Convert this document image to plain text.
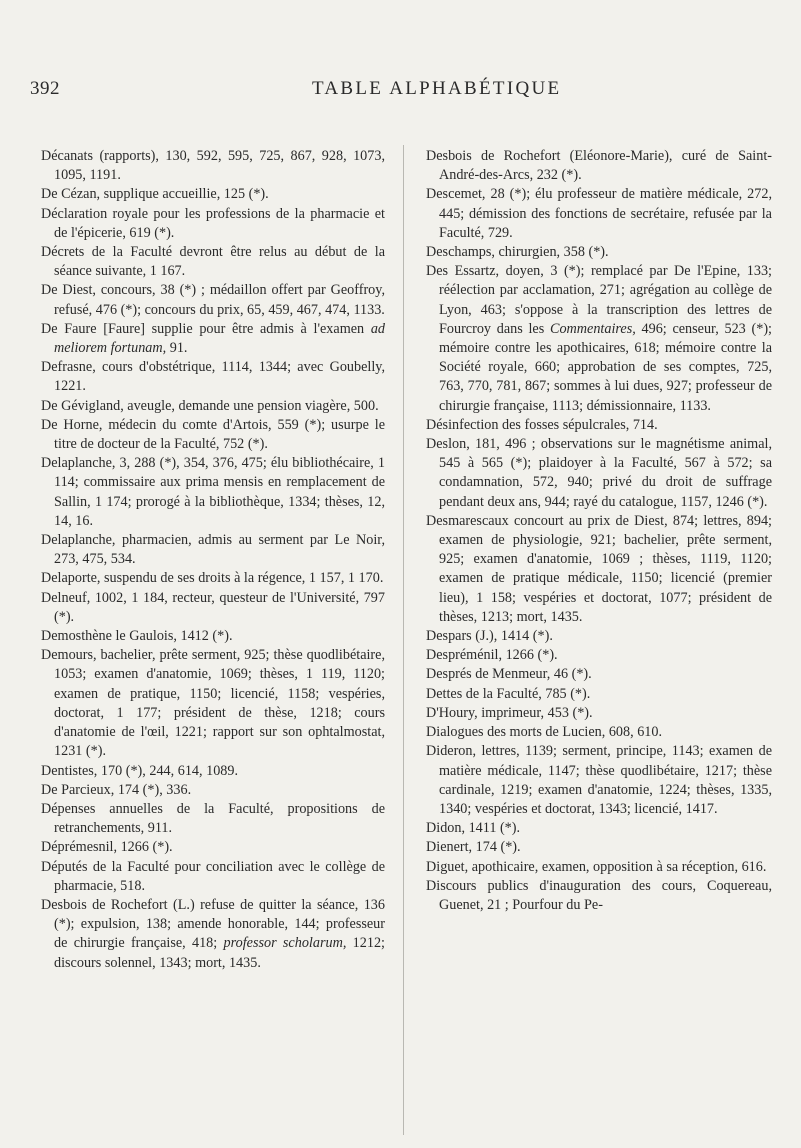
392	TABLE ALPHABÉTIQUE

Décanats (rapports), 130, 592, 595, 725, 867, 928, 1073, 1095, 1191.

De Cézan, supplique accueillie, 125 (*).

Déclaration royale pour les professions de la pharmacie et de l'épicerie, 619 (*).

Décrets de la Faculté devront être relus au début de la séance suivante, 1 167.

De Diest, concours, 38 (*) ; médaillon offert par Geoffroy, refusé, 476 (*); concours du prix, 65, 459, 467, 474, 1133.

De Faure [Faure] supplie pour être admis à l'examen ad meliorem fortunam, 91.

Defrasne, cours d'obstétrique, 1114, 1344; avec Goubelly, 1221.

De Gévigland, aveugle, demande une pension viagère, 500.

De Horne, médecin du comte d'Artois, 559 (*); usurpe le titre de docteur de la Faculté, 752 (*).

Delaplanche, 3, 288 (*), 354, 376, 475; élu bibliothécaire, 1 114; commissaire aux prima mensis en remplacement de Sallin, 1 174; prorogé à la bibliothèque, 1334; thèses, 12, 14, 16.

Delaplanche, pharmacien, admis au serment par Le Noir, 273, 475, 534.

Delaporte, suspendu de ses droits à la régence, 1 157, 1 170.

Delneuf, 1002, 1 184, recteur, questeur de l'Université, 797 (*).

Demosthène le Gaulois, 1412 (*).

Demours, bachelier, prête serment, 925; thèse quodlibétaire, 1053; examen d'anatomie, 1069; thèses, 1 119, 1120; examen de pratique, 1150; licencié, 1158; vespéries, doctorat, 1 177; président de thèse, 1218; cours d'anatomie de l'œil, 1221; rapport sur son ophtalmostat, 1231 (*).

Dentistes, 170 (*), 244, 614, 1089.

De Parcieux, 174 (*), 336.

Dépenses annuelles de la Faculté, propositions de retranchements, 911.

Déprémesnil, 1266 (*).

Députés de la Faculté pour conciliation avec le collège de pharmacie, 518.

Desbois de Rochefort (L.) refuse de quitter la séance, 136 (*); expulsion, 138; amende honorable, 144; professeur de chirurgie française, 418; professor scholarum, 1212; discours solennel, 1343; mort, 1435.

Desbois de Rochefort (Eléonore-Marie), curé de Saint-André-des-Arcs, 232 (*).

Descemet, 28 (*); élu professeur de matière médicale, 272, 445; démission des fonctions de secrétaire, refusée par la Faculté, 729.

Deschamps, chirurgien, 358 (*).

Des Essartz, doyen, 3 (*); remplacé par De l'Epine, 133; réélection par acclamation, 271; agrégation au collège de Lyon, 463; s'oppose à la transcription des lettres de Fourcroy dans les Commentaires, 496; censeur, 523 (*); mémoire contre les apothicaires, 618; mémoire contre la Société royale, 660; approbation de ses comptes, 725, 763, 770, 781, 867; sommes à lui dues, 927; professeur de chirurgie française, 1113; démissionnaire, 1133.

Désinfection des fosses sépulcrales, 714.

Deslon, 181, 496 ; observations sur le magnétisme animal, 545 à 565 (*); plaidoyer à la Faculté, 567 à 572; sa condamnation, 572, 940; privé du droit de suffrage pendant deux ans, 944; rayé du catalogue, 1157, 1246 (*).

Desmarescaux concourt au prix de Diest, 874; lettres, 894; examen de physiologie, 921; bachelier, prête serment, 925; examen d'anatomie, 1069 ; thèses, 1119, 1120; examen de pratique médicale, 1150; licencié (premier lieu), 1 158; vespéries et doctorat, 1077; président de thèses, 1213; mort, 1435.

Despars (J.), 1414 (*).

Despréménil, 1266 (*).

Després de Menmeur, 46 (*).

Dettes de la Faculté, 785 (*).

D'Houry, imprimeur, 453 (*).

Dialogues des morts de Lucien, 608, 610.

Dideron, lettres, 1139; serment, principe, 1143; examen de matière médicale, 1147; thèse quodlibétaire, 1217; thèse cardinale, 1219; examen d'anatomie, 1224; thèses, 1335, 1340; vespéries et doctorat, 1343; licencié, 1417.

Didon, 1411 (*).

Dienert, 174 (*).

Diguet, apothicaire, examen, opposition à sa réception, 616.

Discours publics d'inauguration des cours, Coquereau, Guenet, 21 ; Pourfour du Pe-
